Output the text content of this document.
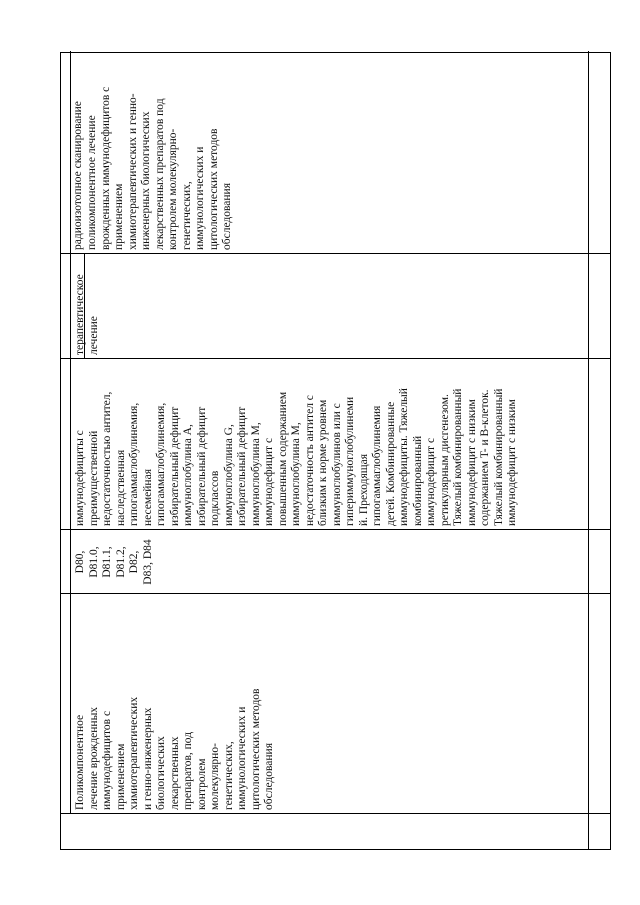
Поликомпонентное
лечение врожденных
иммунодефицитов с
применением
химиотерапевтических
и генно-инженерных
биологических
лекарственных
препаратов, под
контролем
молекулярно-
генетических,
иммунологических и
цитологических методов
обследования
D80,
D81.0,
D81.1,
D81.2,
D82,
D83, D84
иммунодефициты с
преимущественной
недостаточностью антител,
наследственная
гипогаммаглобулинемия,
несемейная
гипогаммаглобулинемия,
избирательный дефицит
иммуноглобулина A,
избирательный дефицит
подклассов
иммуноглобулина G,
избирательный дефицит
иммуноглобулина M,
иммунодефицит с
повышенным содержанием
иммуноглобулина M,
недостаточность антител с
близким к норме уровнем
иммуноглобулинов или с
гипериммуноглобулинеми
й. Преходящая
гипогаммаглобулинемия
детей. Комбинированные
иммунодефициты. Тяжелый
комбинированный
иммунодефицит с
ретикулярным дисгенезом.
Тяжелый комбинированный
иммунодефицит с низким
содержанием T- и B-клеток.
Тяжелый комбинированный
иммунодефицит с низким
терапевтическое
лечение
радиоизотопное сканирование поликомпонентное лечение
врожденных иммунодефицитов с
применением
химиотерапевтических и генно-
инженерных биологических
лекарственных препаратов под
контролем молекулярно-
генетических,
иммунологических и
цитологических методов
обследования
